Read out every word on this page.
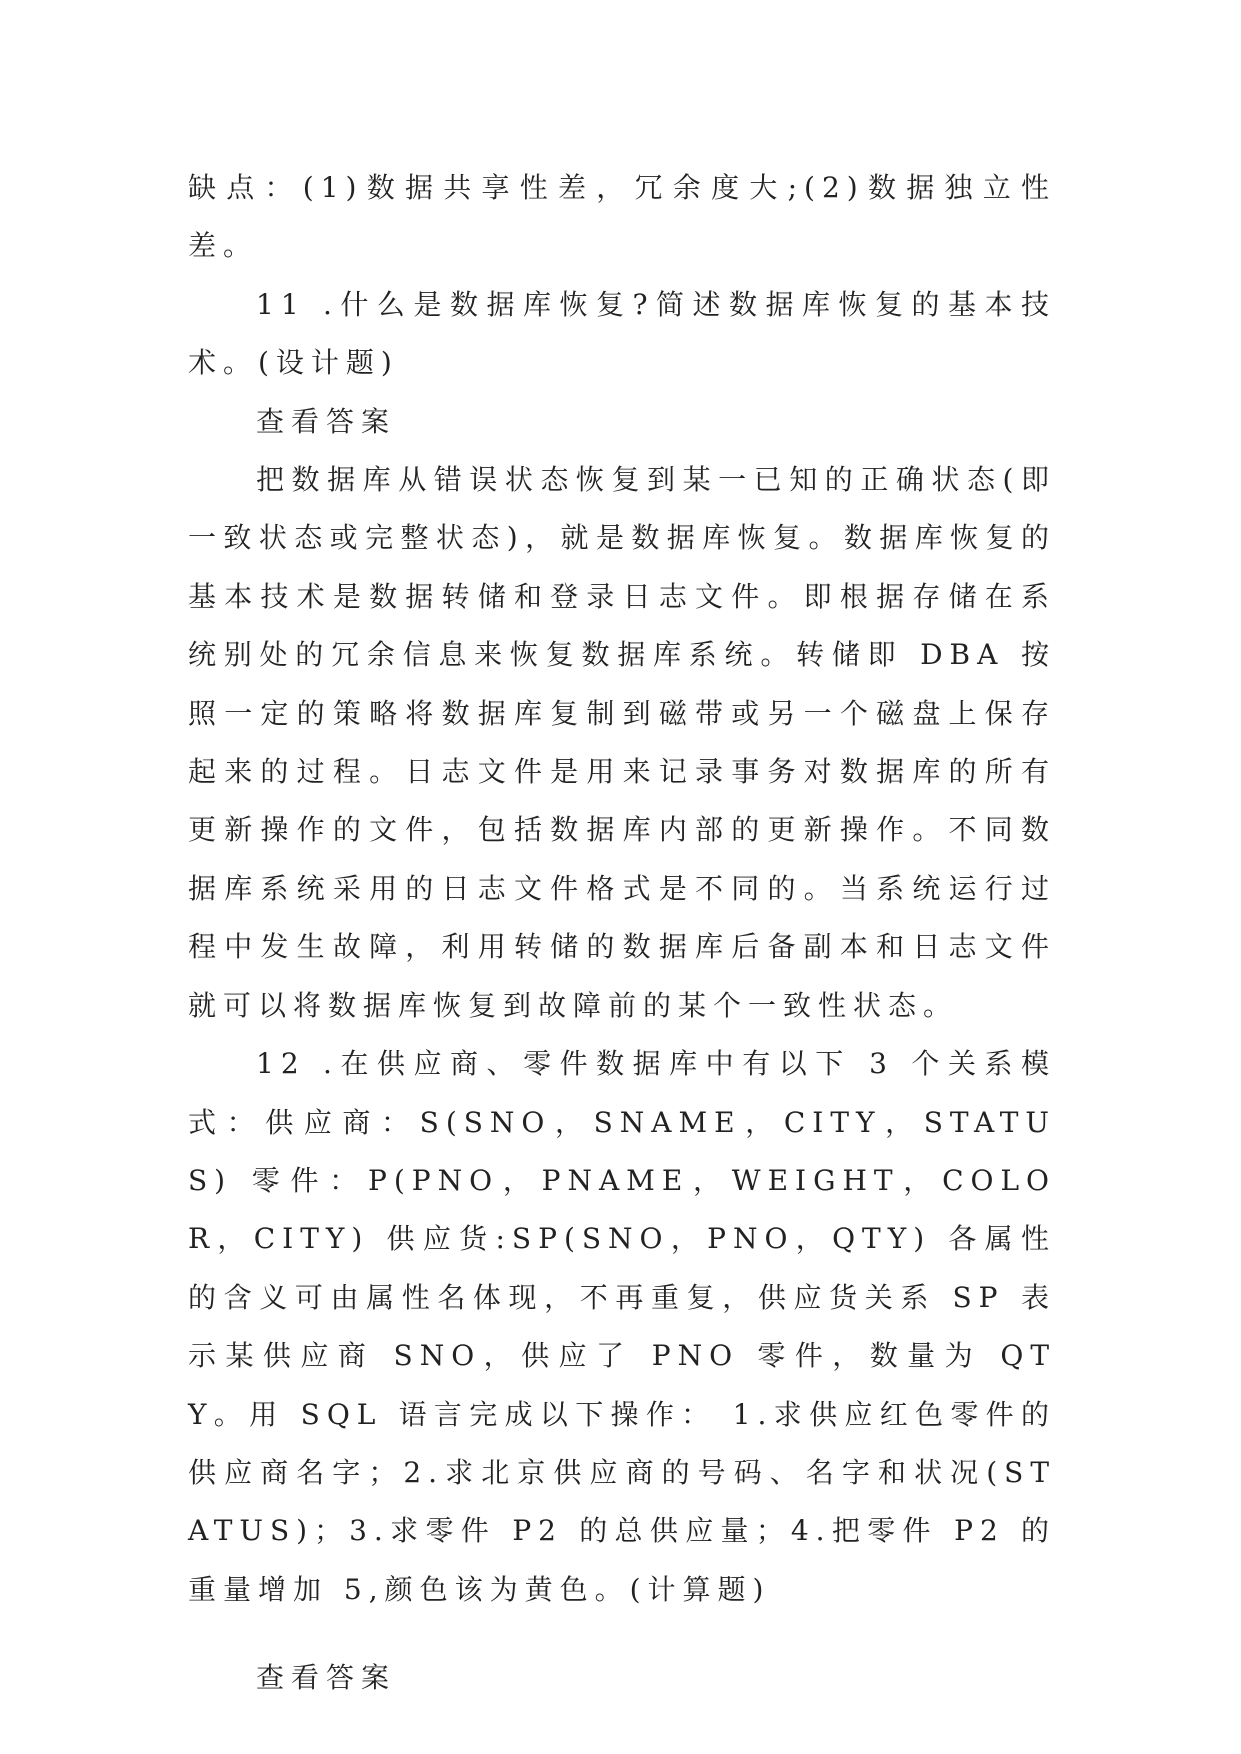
缺点：(1)数据共享性差，冗余度大;(2)数据独立性差。

11 .什么是数据库恢复?简述数据库恢复的基本技术。(设计题)

查看答案

把数据库从错误状态恢复到某一已知的正确状态(即一致状态或完整状态)，就是数据库恢复。数据库恢复的基本技术是数据转储和登录日志文件。即根据存储在系统别处的冗余信息来恢复数据库系统。转储即 DBA 按照一定的策略将数据库复制到磁带或另一个磁盘上保存起来的过程。日志文件是用来记录事务对数据库的所有更新操作的文件，包括数据库内部的更新操作。不同数据库系统采用的日志文件格式是不同的。当系统运行过程中发生故障，利用转储的数据库后备副本和日志文件就可以将数据库恢复到故障前的某个一致性状态。

12 .在供应商、零件数据库中有以下 3 个关系模式：供应商：S(SNO，SNAME，CITY，STATUS) 零件：P(PNO，PNAME，WEIGHT，COLOR，CITY) 供应货:SP(SNO，PNO，QTY) 各属性的含义可由属性名体现，不再重复，供应货关系 SP 表示某供应商 SNO，供应了 PNO 零件，数量为 QTY。用 SQL 语言完成以下操作： 1.求供应红色零件的供应商名字；2.求北京供应商的号码、名字和状况(STATUS)；3.求零件 P2 的总供应量；4.把零件 P2 的重量增加 5,颜色该为黄色。(计算题)

查看答案
